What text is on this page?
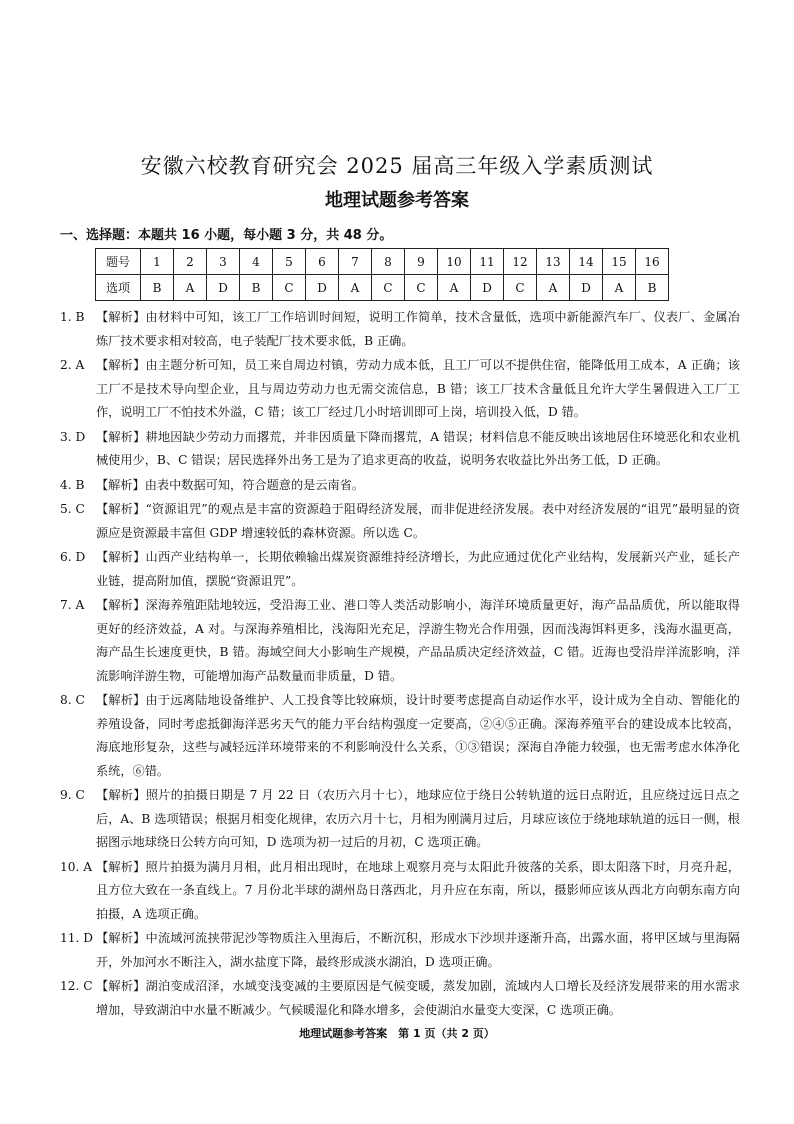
安徽六校教育研究会 2025 届高三年级入学素质测试
地理试题参考答案
一、选择题：本题共 16 小题，每小题 3 分，共 48 分。
题号	1	2	3	4	5	6	7	8	9	10	11	12	13	14	15	16
选项	B	A	D	B	C	D	A	C	C	A	D	C	A	D	A	B
1. B 【解析】由材料中可知，该工厂工作培训时间短，说明工作简单，技术含量低，选项中新能源汽车厂、仪表厂、金属冶炼厂技术要求相对较高，电子装配厂技术要求低，B 正确。
2. A 【解析】由主题分析可知，员工来自周边村镇，劳动力成本低，且工厂可以不提供住宿，能降低用工成本，A 正确；该工厂不是技术导向型企业，且与周边劳动力也无需交流信息，B 错；该工厂技术含量低且允许大学生暑假进入工厂工作，说明工厂不怕技术外溢，C 错；该工厂经过几小时培训即可上岗，培训投入低，D 错。
3. D 【解析】耕地因缺少劳动力而撂荒，并非因质量下降而撂荒，A 错误；材料信息不能反映出该地居住环境恶化和农业机械使用少，B、C 错误；居民选择外出务工是为了追求更高的收益，说明务农收益比外出务工低，D 正确。
4. B 【解析】由表中数据可知，符合题意的是云南省。
5. C 【解析】“资源诅咒”的观点是丰富的资源趋于阻碍经济发展，而非促进经济发展。表中对经济发展的“诅咒”最明显的资源应是资源最丰富但 GDP 增速较低的森林资源。所以选 C。
6. D 【解析】山西产业结构单一，长期依赖输出煤炭资源维持经济增长，为此应通过优化产业结构，发展新兴产业，延长产业链，提高附加值，摆脱“资源诅咒”。
7. A 【解析】深海养殖距陆地较远，受沿海工业、港口等人类活动影响小，海洋环境质量更好，海产品品质优，所以能取得更好的经济效益，A 对。与深海养殖相比，浅海阳光充足，浮游生物光合作用强，因而浅海饵料更多，浅海水温更高，海产品生长速度更快，B 错。海域空间大小影响生产规模，产品品质决定经济效益，C 错。近海也受沿岸洋流影响，洋流影响洋游生物，可能增加海产品数量而非质量，D 错。
8. C 【解析】由于远离陆地设备维护、人工投食等比较麻烦，设计时要考虑提高自动运作水平，设计成为全自动、智能化的养殖设备，同时考虑抵御海洋恶劣天气的能力平台结构强度一定要高，②④⑤正确。深海养殖平台的建设成本比较高，海底地形复杂，这些与减轻远洋环境带来的不利影响没什么关系，①③错误；深海自净能力较强，也无需考虑水体净化系统，⑥错。
9. C 【解析】照片的拍摄日期是 7 月 22 日（农历六月十七），地球应位于绕日公转轨道的远日点附近，且应绕过远日点之后，A、B 选项错误；根据月相变化规律，农历六月十七，月相为刚满月过后，月球应该位于绕地球轨道的远日一侧，根据图示地球绕日公转方向可知，D 选项为初一过后的月初，C 选项正确。
10. A 【解析】照片拍摄为满月月相，此月相出现时，在地球上观察月亮与太阳此升彼落的关系，即太阳落下时，月亮升起，且方位大致在一条直线上。7 月份北半球的湖州岛日落西北，月升应在东南，所以，摄影师应该从西北方向朝东南方向拍摄，A 选项正确。
11. D 【解析】中流域河流挟带泥沙等物质注入里海后，不断沉积，形成水下沙坝并逐渐升高，出露水面，将甲区域与里海隔开，外加河水不断注入，湖水盐度下降，最终形成淡水湖泊，D 选项正确。
12. C 【解析】湖泊变成沼泽，水域变浅变减的主要原因是气候变暖，蒸发加剧，流域内人口增长及经济发展带来的用水需求增加，导致湖泊中水量不断减少。气候暖湿化和降水增多，会使湖泊水量变大变深，C 选项正确。
地理试题参考答案　第 1 页（共 2 页）
